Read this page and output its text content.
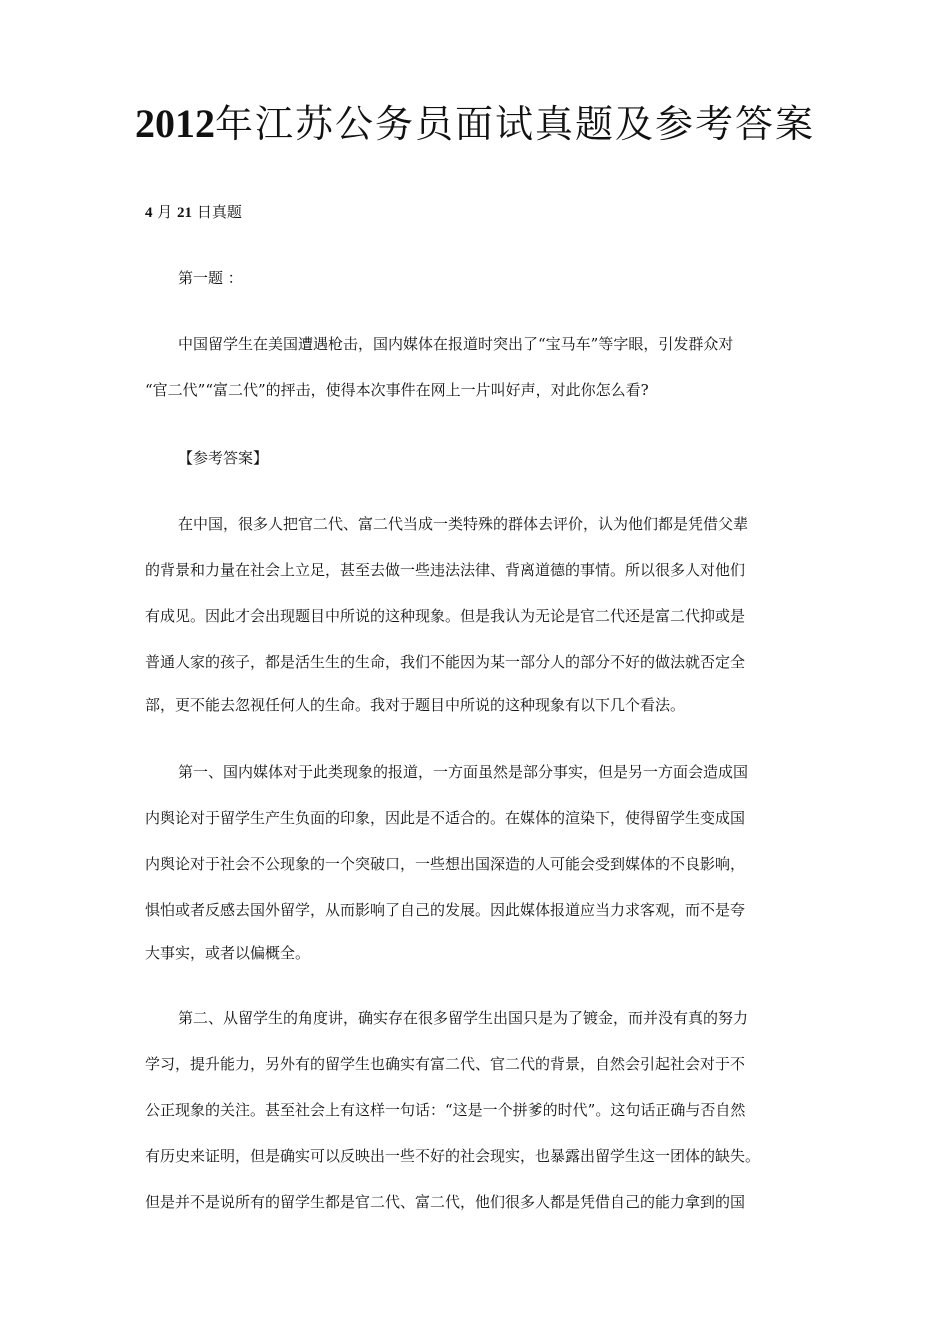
2012年江苏公务员面试真题及参考答案

4 月 21 日真题

第一题 ：

中国留学生在美国遭遇枪击，国内媒体在报道时突出了“宝马车”等字眼，引发群众对

“官二代”“富二代”的抨击，使得本次事件在网上一片叫好声，对此你怎么看?

【参考答案】

在中国，很多人把官二代、富二代当成一类特殊的群体去评价，认为他们都是凭借父辈

的背景和力量在社会上立足，甚至去做一些违法法律、背离道德的事情。所以很多人对他们

有成见。因此才会出现题目中所说的这种现象。但是我认为无论是官二代还是富二代抑或是

普通人家的孩子，都是活生生的生命，我们不能因为某一部分人的部分不好的做法就否定全

部，更不能去忽视任何人的生命。我对于题目中所说的这种现象有以下几个看法。

第一、国内媒体对于此类现象的报道，一方面虽然是部分事实，但是另一方面会造成国

内舆论对于留学生产生负面的印象，因此是不适合的。在媒体的渲染下，使得留学生变成国

内舆论对于社会不公现象的一个突破口，一些想出国深造的人可能会受到媒体的不良影响，

惧怕或者反感去国外留学，从而影响了自己的发展。因此媒体报道应当力求客观，而不是夸

大事实，或者以偏概全。

第二、从留学生的角度讲，确实存在很多留学生出国只是为了镀金，而并没有真的努力

学习，提升能力，另外有的留学生也确实有富二代、官二代的背景，自然会引起社会对于不

公正现象的关注。甚至社会上有这样一句话：“这是一个拼爹的时代”。这句话正确与否自然

有历史来证明，但是确实可以反映出一些不好的社会现实，也暴露出留学生这一团体的缺失。

但是并不是说所有的留学生都是官二代、富二代，他们很多人都是凭借自己的能力拿到的国
